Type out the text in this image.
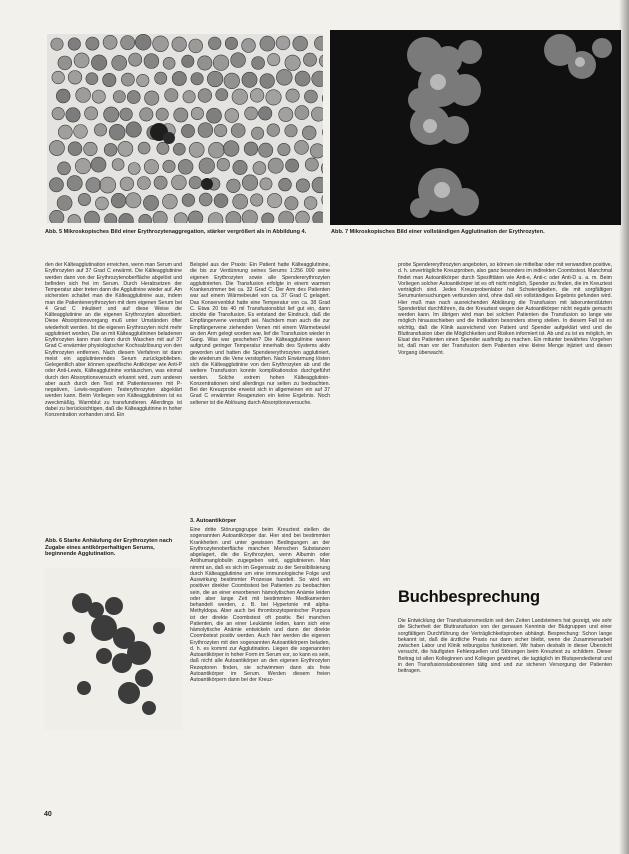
Abb. 5 Mikroskopisches Bild einer Erythrozytenaggregation, stärker vergrößert als in Abbildung 4.	Abb. 7 Mikroskopisches Bild einer vollständigen Agglutination der Erythrozyten.

den der Kälteagglutination erreichen, wenn man Serum und Erythrozyten auf 37 Grad C erwärmt. Die Kälteagglutinine werden dann von der Erythrozytenoberfläche abgelöst und befinden sich frei im Serum. Durch Herabsetzen der Temperatur aber treten dann die Agglutinine wieder auf. Am sichersten schaltet man die Kälteagglutinine aus, indem man die Patientenerythrozyten mit dem eigenen Serum bei 4 Grad C inkubiert und auf diese Weise die Kälteagglutinine an die eigenen Erythrozyten absorbiert. Diese Absorptionsvorgang muß unter Umständen öfter wiederholt werden. Ist die eigenen Erythrozyten nicht mehr agglutiniert worden, Die an mit Kälteagglutininen beladenen Erythrozyten kann man dann durch Waschen mit auf 37 Grad C erwärmter physiologischer Kochsalzlösung von den Erythrozyten entfernen. Nach diesem Verfahren ist dann meist ein agglutinierendes Serum zurückgeblieben. Gelegentlich aber können spezifische Antikörper wie Anti-P oder Anti-Lewis, Kälteagglutinine vortäuschen, was einmal durch den Absorptionsversuch erkannt wird, zum anderen aber auch durch den Test mit Patientenseren mit P-negativen, Lewis-negativen Testerythrozyten abgeklärt werden kann. Beim Vorliegen von Kälteagglutininen ist es zweckmäßig, Warmblut zu transfundieren. Allerdings ist dabei zu berücksichtigen, daß die Kälteagglutinine in hoher Konzentration vorhanden sind. Ein

Abb. 6 Starke Anhäufung der Erythrozyten nach Zugabe eines antikörperhaltigen Serums, beginnende Agglutination.

Beispiel aus der Praxis: Ein Patient hatte Kälteagglutinine, die bis zur Verdünnung seines Serums 1:256 000 seine eigenen Erythrozyten sowie alle Spendererythrozyten agglutinierten. Die Transfusion erfolgte in einem warmen Krankenzimmer bei ca. 32 Grad C. Der Arm des Patienten war auf einem Wärmebeutel von ca. 37 Grad C gelagert. Das Konservenblut hatte eine Temperatur von ca. 38 Grad C. Etwa 20 bis 40 ml Transfusionsblut lief gut ein, dann stockte die Transfusion. Es entstand der Eindruck, daß die Empfängervene verstopft sei. Nachdem man auch die zur Empfängervene ziehenden Venen mit einem Wärmebeutel an den Arm gelegt worden war, lief die Transfusion wieder in Gang. Was war geschehen? Die Kälteagglutinine waren aufgrund geringer Temperatur innerhalb des Systems aktiv geworden und hatten die Spendererythrozyten agglutiniert, die wiederum die Vene verstopften. Nach Erwärmung lösten sich die Kälteagglutinine von den Erythrozyten ab und die weitere Transfusion konnte komplikationslos durchgeführt werden. Solche extrem hohen Kälteagglutinin-Konzentrationen sind allerdings nur selten zu beobachten. Bei der Kreuzprobe erweist sich in allgemeinen ein auf 37 Grad C erwärmter Reagenzien ein keine Ergebnis. Noch seltener ist die Ablösung durch Absorptionsversuche.

3. Autoantikörper

Eine dritte Störungsgruppe beim Kreuztest stellen die sogenannten Autoantikörper dar. Hier sind bei bestimmten Krankheiten und unter gewissen Bedingungen an der Erythrozytenoberfläche manchen Menschen Substanzen abgelagert, die die Erythrozyten, wenn Albumin oder Antihumanglobulin zugegeben wird, agglutinieren. Man nimmt an, daß es sich im Gegensatz zu der Sensibilisierung durch Kälteagglutinine um eine immunologische Folge und Auswirkung bestimmter Prozesse handelt. So wird ein positiver direkter Coombstest bei Patienten zu beobachten sein, die an einer erworbenen hämolytischen Anämie leiden oder aber lange Zeit mit bestimmten Medikamenten behandelt werden, z. B. bei Hypertonie mit alpha-Methyldopa. Aber auch bei thrombozytopenischer Purpura ist der direkte Coombstest oft positiv. Bei manchen Patienten, die an einer Leukämie leiden, kann sich eine hämolytische Anämie entwickeln und dann der direkte Coombstest positiv werden. Auch hier werden die eigenen Erythrozyten mit den sogenannten Autoantikörpern beladen, d. h. es kommt zur Agglutination. Liegen die sogenannten Autoantikörper in hoher Form im Serum vor, so kann es sein, daß nicht alle Autoantikörper an den eigenen Erythrozyten Rezeptoren finden, sie schwimmen dann als freie Autoantikörper im Serum. Werden diesem freien Autoantikörpern dann bei der Kreuz-

probe Spendererythrozyten angeboten, so können sie mittelbar oder mit verwandten positive, d. h. unverträgliche Kreuzproben, also ganz besonders im indirekten Coombstest. Manchmal findet man Autoantikörper durch Spezifitäten wie Anti-e, Anti-c oder Anti-D u. a. m. Beim Vorliegen solcher Autoantikörper ist es oft nicht möglich, Spender zu finden, die im Kreuztest verträglich sind. Jedes Kreuzprobenlabor hat Schwierigkeiten, die mit sorgfältigen Serumuntersuchungen verbunden sind, ohne daß ein vollständiges Ergebnis gefunden wird. Hier muß man nach ausreichenden Abklärung die Transfusion mit laborunterstützten Spenderblut durchführen, da der Kreuztest wegen der Autoantikörper nicht negativ gemacht werden kann. Im übrigen wird man bei solchen Patienten die Transfusion so lange wie möglich hinausschieben und die Indikation besonders streng stellen. In diesem Fall ist es wichtig, daß die Klinik ausreichend von Patient und Spender aufgeklärt wird und die Bluttransfusion über die Möglichkeiten und Risiken informiert ist. Ab und zu ist es möglich, im Eluat des Patienten einen Spender ausfindig zu machen. Ein mitunter bewährtes Vorgehen ist, daß man vor der Transfusion dem Patienten eine kleine Menge injiziert und diesen Vorgang überwacht.

Buchbesprechung

Die Entwicklung der Transfusionsmedizin seit den Zeiten Landsteiners hat gezeigt, wie sehr die Sicherheit der Bluttransfusion von der genauen Kenntnis der Blutgruppen und einer sorgfältigen Durchführung der Verträglichkeitsproben abhängt. Besprechung: Schon lange bekannt ist, daß die ärztliche Praxis nur dann sicher bleibt, wenn die Zusammenarbeit zwischen Labor und Klinik reibungslos funktioniert. Wir haben deshalb in dieser Übersicht versucht, die häufigsten Fehlerquellen und Störungen beim Kreuztest zu schildern. Dieser Beitrag ist allen Kolleginnen und Kollegen gewidmet, die tagtäglich im Blutspendedienst und in den Transfusionslaboratorien tätig sind und zur sicheren Versorgung der Patienten beitragen.

40
